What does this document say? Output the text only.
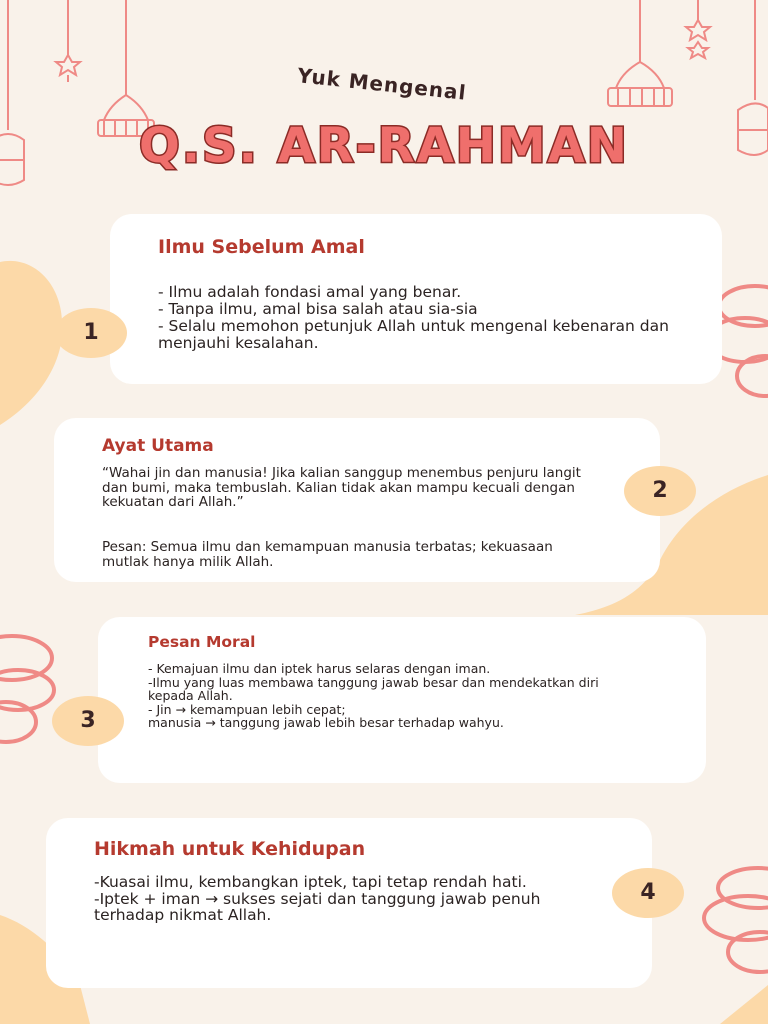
Yuk Mengenal
Q.S. AR-RAHMAN
Ilmu Sebelum Amal
- Ilmu adalah fondasi amal yang benar.
- Tanpa ilmu, amal bisa salah atau sia-sia
- Selalu memohon petunjuk Allah untuk mengenal kebenaran dan menjauhi kesalahan.
1
Ayat Utama
“Wahai jin dan manusia! Jika kalian sanggup menembus penjuru langit dan bumi, maka tembuslah. Kalian tidak akan mampu kecuali dengan kekuatan dari Allah.”
Pesan: Semua ilmu dan kemampuan manusia terbatas; kekuasaan mutlak hanya milik Allah.
2
Pesan Moral
- Kemajuan ilmu dan iptek harus selaras dengan iman.
-Ilmu yang luas membawa tanggung jawab besar dan mendekatkan diri kepada Allah.
- Jin → kemampuan lebih cepat;
manusia → tanggung jawab lebih besar terhadap wahyu.
3
Hikmah untuk Kehidupan
-Kuasai ilmu, kembangkan iptek, tapi tetap rendah hati.
-Iptek + iman → sukses sejati dan tanggung jawab penuh terhadap nikmat Allah.
4
